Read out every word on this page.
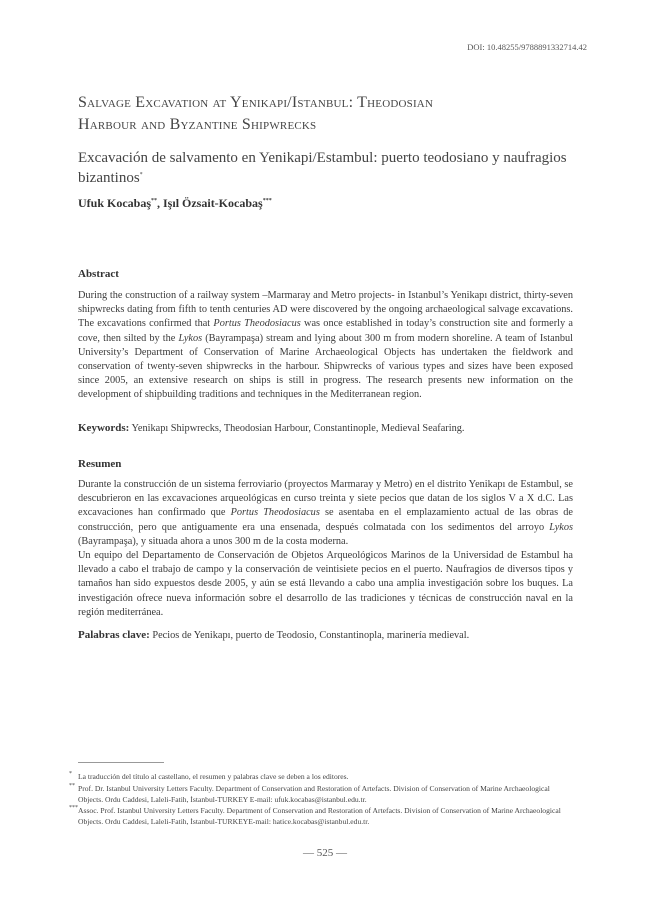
DOI: 10.48255/9788891332714.42
Salvage Excavation at Yenikapi/Istanbul: Theodosian
Harbour and Byzantine Shipwrecks
Excavación de salvamento en Yenikapi/Estambul: puerto teodosiano y naufragios bizantinos*
Ufuk Kocabaş**, Işıl Özsait-Kocabaş***
Abstract
During the construction of a railway system –Marmaray and Metro projects- in Istanbul’s Yenikapı district, thirty-seven shipwrecks dating from fifth to tenth centuries AD were discovered by the ongoing archaeological salvage excavations. The excavations confirmed that Portus Theodosiacus was once established in today’s construction site and formerly a cove, then silted by the Lykos (Bayrampaşa) stream and lying about 300 m from modern shoreline. A team of Istanbul University’s Department of Conservation of Marine Archaeological Objects has undertaken the fieldwork and conservation of twenty-seven shipwrecks in the harbour. Shipwrecks of various types and sizes have been exposed since 2005, an extensive research on ships is still in progress. The research presents new information on the development of shipbuilding traditions and techniques in the Mediterranean region.
Keywords: Yenikapı Shipwrecks, Theodosian Harbour, Constantinople, Medieval Seafaring.
Resumen
Durante la construcción de un sistema ferroviario (proyectos Marmaray y Metro) en el distrito Yenikapı de Estambul, se descubrieron en las excavaciones arqueológicas en curso treinta y siete pecios que datan de los siglos V a X d.C. Las excavaciones han confirmado que Portus Theodosiacus se asentaba en el emplazamiento actual de las obras de construcción, pero que antiguamente era una ensenada, después colmatada con los sedimentos del arroyo Lykos (Bayrampaşa), y situada ahora a unos 300 m de la costa moderna.
Un equipo del Departamento de Conservación de Objetos Arqueológicos Marinos de la Universidad de Estambul ha llevado a cabo el trabajo de campo y la conservación de veintisiete pecios en el puerto. Naufragios de diversos tipos y tamaños han sido expuestos desde 2005, y aún se está llevando a cabo una amplia investigación sobre los buques. La investigación ofrece nueva información sobre el desarrollo de las tradiciones y técnicas de construcción naval en la región mediterránea.
Palabras clave: Pecios de Yenikapı, puerto de Teodosio, Constantinopla, marinería medieval.
* La traducción del título al castellano, el resumen y palabras clave se deben a los editores.
** Prof. Dr. Istanbul University Letters Faculty. Department of Conservation and Restoration of Artefacts. Division of Conservation of Marine Archaeological Objects. Ordu Caddesi, Laleli-Fatih, İstanbul-TURKEY E-mail: ufuk.kocabas@istanbul.edu.tr.
***Assoc. Prof. Istanbul University Letters Faculty. Department of Conservation and Restoration of Artefacts. Division of Conservation of Marine Archaeological Objects. Ordu Caddesi, Laleli-Fatih, İstanbul-TURKEYE-mail: hatice.kocabas@istanbul.edu.tr.
— 525 —
